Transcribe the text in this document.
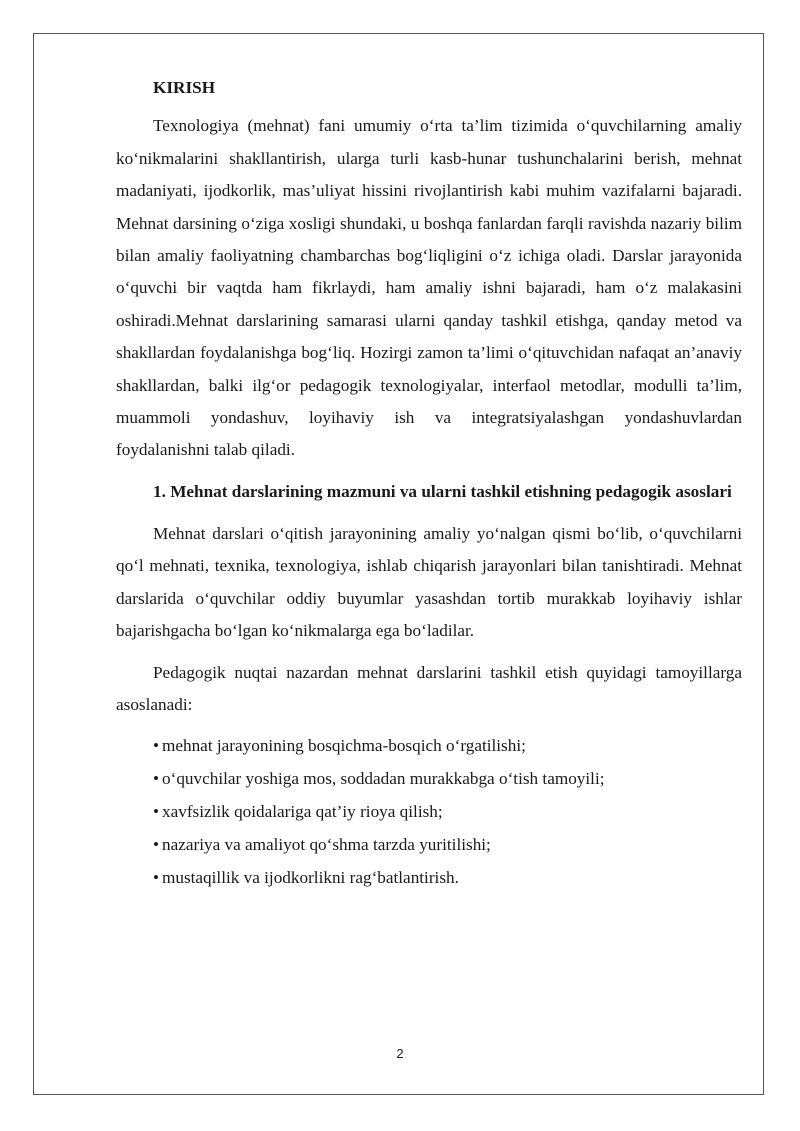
KIRISH

Texnologiya (mehnat) fani umumiy o‘rta ta’lim tizimida o‘quvchilarning amaliy ko‘nikmalarini shakllantirish, ularga turli kasb-hunar tushunchalarini berish, mehnat madaniyati, ijodkorlik, mas’uliyat hissini rivojlantirish kabi muhim vazifalarni bajaradi. Mehnat darsining o‘ziga xosligi shundaki, u boshqa fanlardan farqli ravishda nazariy bilim bilan amaliy faoliyatning chambarchas bog‘liqligini o‘z ichiga oladi. Darslar jarayonida o‘quvchi bir vaqtda ham fikrlaydi, ham amaliy ishni bajaradi, ham o‘z malakasini oshiradi.Mehnat darslarining samarasi ularni qanday tashkil etishga, qanday metod va shakllardan foydalanishga bog‘liq. Hozirgi zamon ta’limi o‘qituvchidan nafaqat an’anaviy shakllardan, balki ilg‘or pedagogik texnologiyalar, interfaol metodlar, modulli ta’lim, muammoli yondashuv, loyihaviy ish va integratsiyalashgan yondashuvlardan foydalanishni talab qiladi.

1. Mehnat darslarining mazmuni va ularni tashkil etishning pedagogik asoslari

Mehnat darslari o‘qitish jarayonining amaliy yo‘nalgan qismi bo‘lib, o‘quvchilarni qo‘l mehnati, texnika, texnologiya, ishlab chiqarish jarayonlari bilan tanishtiradi. Mehnat darslarida o‘quvchilar oddiy buyumlar yasashdan tortib murakkab loyihaviy ishlar bajarishgacha bo‘lgan ko‘nikmalarga ega bo‘ladilar.

Pedagogik nuqtai nazardan mehnat darslarini tashkil etish quyidagi tamoyillarga asoslanadi:

• mehnat jarayonining bosqichma-bosqich o‘rgatilishi;
• o‘quvchilar yoshiga mos, soddadan murakkabga o‘tish tamoyili;
• xavfsizlik qoidalariga qat’iy rioya qilish;
• nazariya va amaliyot qo‘shma tarzda yuritilishi;
• mustaqillik va ijodkorlikni rag‘batlantirish.
2
